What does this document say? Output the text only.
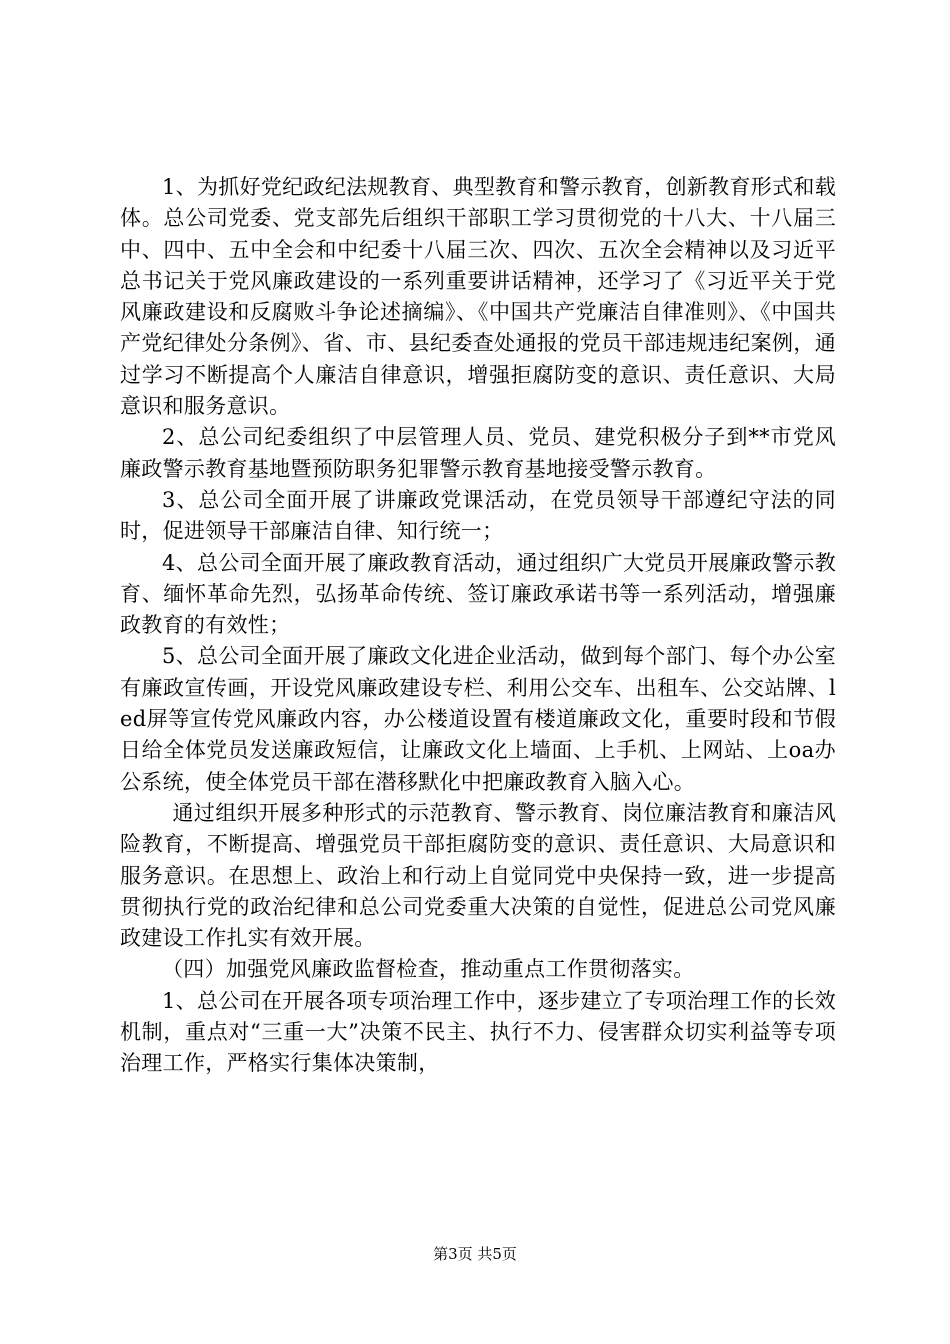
1、为抓好党纪政纪法规教育、典型教育和警示教育，创新教育形式和载体。总公司党委、党支部先后组织干部职工学习贯彻党的十八大、十八届三中、四中、五中全会和中纪委十八届三次、四次、五次全会精神以及习近平总书记关于党风廉政建设的一系列重要讲话精神，还学习了《习近平关于党风廉政建设和反腐败斗争论述摘编》、《中国共产党廉洁自律准则》、《中国共产党纪律处分条例》、省、市、县纪委查处通报的党员干部违规违纪案例，通过学习不断提高个人廉洁自律意识，增强拒腐防变的意识、责任意识、大局意识和服务意识。

2、总公司纪委组织了中层管理人员、党员、建党积极分子到**市党风廉政警示教育基地暨预防职务犯罪警示教育基地接受警示教育。

3、总公司全面开展了讲廉政党课活动，在党员领导干部遵纪守法的同时，促进领导干部廉洁自律、知行统一；

4、总公司全面开展了廉政教育活动，通过组织广大党员开展廉政警示教育、缅怀革命先烈，弘扬革命传统、签订廉政承诺书等一系列活动，增强廉政教育的有效性；

5、总公司全面开展了廉政文化进企业活动，做到每个部门、每个办公室有廉政宣传画，开设党风廉政建设专栏、利用公交车、出租车、公交站牌、led屏等宣传党风廉政内容，办公楼道设置有楼道廉政文化，重要时段和节假日给全体党员发送廉政短信，让廉政文化上墙面、上手机、上网站、上oa办公系统，使全体党员干部在潜移默化中把廉政教育入脑入心。

通过组织开展多种形式的示范教育、警示教育、岗位廉洁教育和廉洁风险教育，不断提高、增强党员干部拒腐防变的意识、责任意识、大局意识和服务意识。在思想上、政治上和行动上自觉同党中央保持一致，进一步提高贯彻执行党的政治纪律和总公司党委重大决策的自觉性，促进总公司党风廉政建设工作扎实有效开展。

（四）加强党风廉政监督检查，推动重点工作贯彻落实。

1、总公司在开展各项专项治理工作中，逐步建立了专项治理工作的长效机制，重点对“三重一大”决策不民主、执行不力、侵害群众切实利益等专项治理工作，严格实行集体决策制，

第3页 共5页
